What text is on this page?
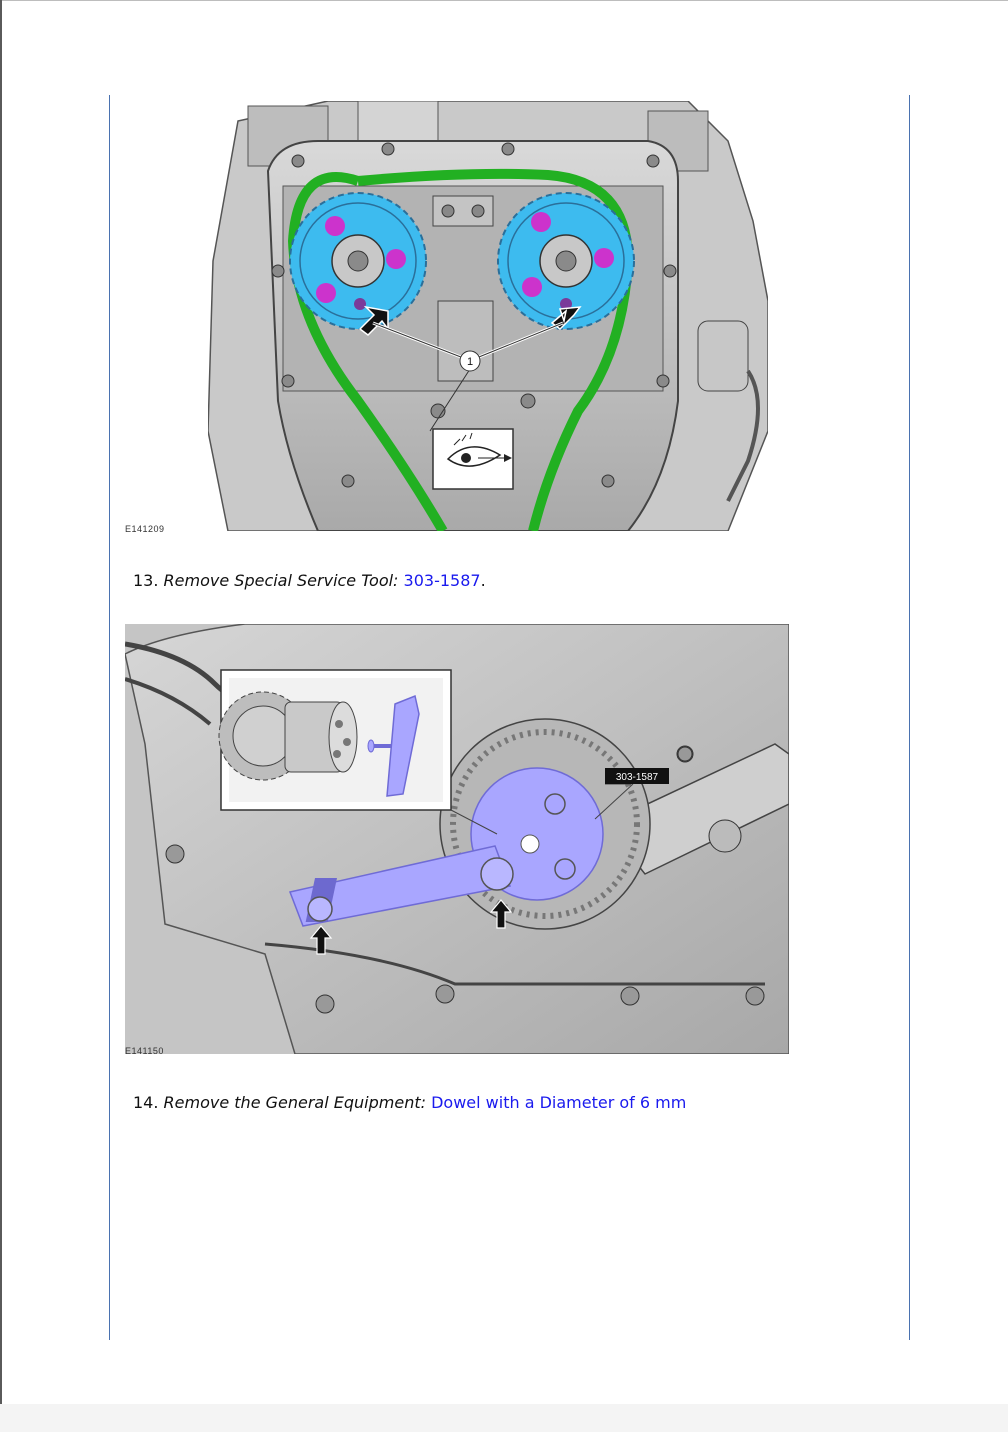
1
E141209
13. Remove Special Service Tool: 303-1587.
303-1587
E141150
14. Remove the General Equipment: Dowel with a Diameter of 6 mm
